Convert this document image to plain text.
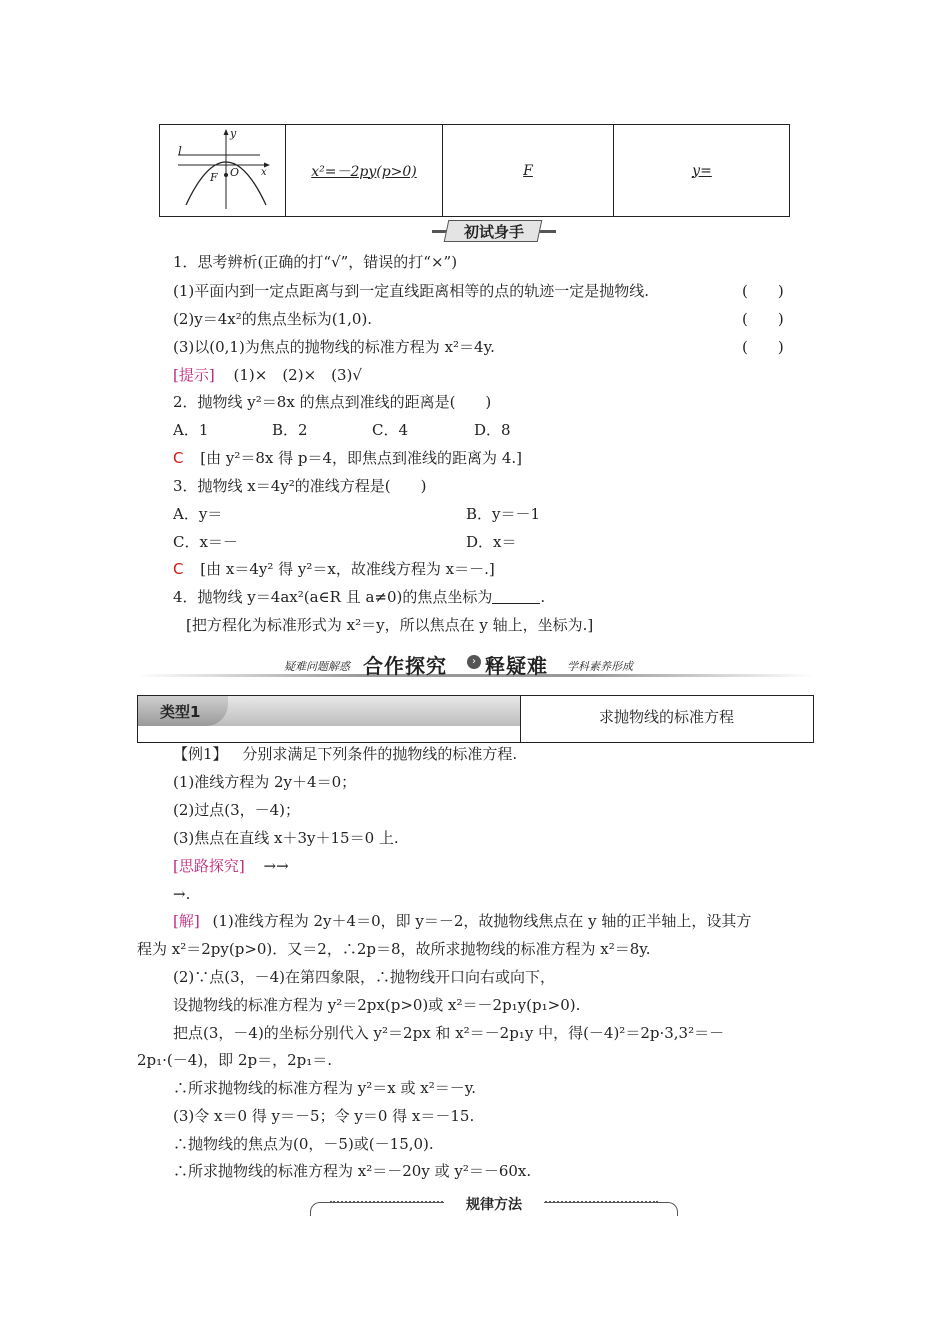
y
l
F O x	x²=－2py(p>0)	F	y=
初试身手
1．思考辨析(正确的打“√”，错误的打“×”)
(1)平面内到一定点距离与到一定直线距离相等的点的轨迹一定是抛物线.	(　　)
(2)y＝4x²的焦点坐标为(1,0).	(　　)
(3)以(0,1)为焦点的抛物线的标准方程为 x²＝4y.	(　　)
[提示] (1)×　(2)×　(3)√
2．抛物线 y²＝8x 的焦点到准线的距离是(　　)
A．1	B．2	C．4	D．8
C [由 y²＝8x 得 p＝4，即焦点到准线的距离为 4.]
3．抛物线 x＝4y²的准线方程是(　　)
A．y＝	B．y＝－1
C．x＝－	D．x＝
C [由 x＝4y² 得 y²＝x，故准线方程为 x＝－.]
4．抛物线 y＝4ax²(a∈R 且 a≠0)的焦点坐标为	.
[把方程化为标准形式为 x²＝y，所以焦点在 y 轴上，坐标为.]
疑难问题解惑 合作探究	› 释疑难 学科素养形成
类型1	求抛物线的标准方程
【例1】 分别求满足下列条件的抛物线的标准方程.
(1)准线方程为 2y＋4＝0；
(2)过点(3，－4)；
(3)焦点在直线 x＋3y＋15＝0 上.
[思路探究] →→
→.
[解] (1)准线方程为 2y＋4＝0，即 y＝－2，故抛物线焦点在 y 轴的正半轴上，设其方
程为 x²＝2py(p>0)．又＝2，∴2p＝8，故所求抛物线的标准方程为 x²＝8y.
(2)∵点(3，－4)在第四象限，∴抛物线开口向右或向下，
设抛物线的标准方程为 y²＝2px(p>0)或 x²＝－2p₁y(p₁>0).
把点(3，－4)的坐标分别代入 y²＝2px 和 x²＝－2p₁y 中，得(－4)²＝2p·3,3²＝－
2p₁·(－4)，即 2p＝，2p₁＝.
∴所求抛物线的标准方程为 y²＝x 或 x²＝－y.
(3)令 x＝0 得 y＝－5；令 y＝0 得 x＝－15.
∴抛物线的焦点为(0，－5)或(－15,0).
∴所求抛物线的标准方程为 x²＝－20y 或 y²＝－60x.
规律方法
